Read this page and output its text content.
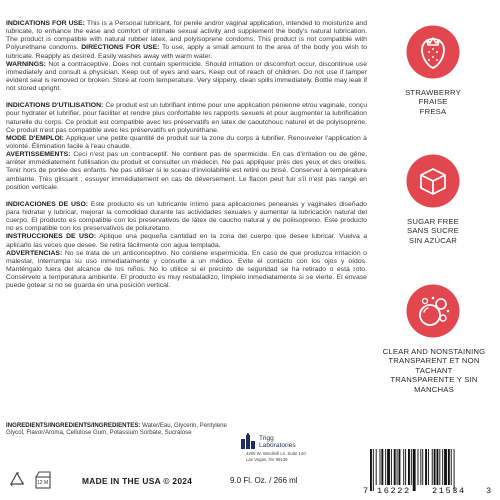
INDICATIONS FOR USE: This is a Personal lubricant, for penile and/or vaginal application, intended to moisturize and lubricate, to enhance the ease and comfort of intimate sexual activity and supplement the body's natural lubrication. The product is compatible with natural rubber latex, and polyisoprene condoms. This product is not compatible with Polyurethane condoms. DIRECTIONS FOR USE: To use, apply a small amount to the area of the body you wish to lubricate. Reapply as desired. Easily washes away with warm water.
WARNINGS: Not a contraceptive. Does not contain spermicide. Should irritation or discomfort occur, discontinue use immediately and consult a physician. Keep out of eyes and ears. Keep out of reach of children. Do not use if tamper evident seal is removed or broken. Store at room temperature. Very slippery, clean spills immediately. Bottle may leak if not stored upright.

INDICATIONS D'UTILISATION: Ce produit est un lubrifiant intime pour une application pénienne et/ou vaginale, conçu pour hydrater et lubrifier, pour faciliter et rendre plus confortable les rapports sexuels et pour augmenter la lubrification naturelle du corps. Ce produit est compatible avec les préservatifs en latex de caoutchouc naturel et de polyisoprène. Ce produit n'est pas compatible avec les préservatifs en polyuréthane.
MODE D'EMPLOI: Appliquer une petite quantité de produit sur la zone du corps à lubrifier. Renouveler l'application à volonté. Élimination facile à l'eau chaude.
AVERTISSEMENTS: Ceci n'est pas un contraceptif. Ne contient pas de spermicide. En cas d'irritation ou de gêne, arrêter immédiatement l'utilisation du produit et consulter un médecin. Ne pas appliquer près des yeux et des oreilles. Tenir hors de portée des enfants. Ne pas utiliser si le sceau d'inviolabilité est retiré ou brisé. Conserver à température ambiante. Très glissant ; essuyer immédiatement en cas de déversement. Le flacon peut fuir s'il n'est pas rangé en position verticale.

INDICACIONES DE USO: Este producto es un lubricante íntimo para aplicaciones peneanas y vaginales diseñado para hidratar y lubricar, mejorar la comodidad durante las actividades sexuales y aumentar la lubricación natural del cuerpo. El producto es compatible con los preservativos de látex de caucho natural y de poliisopreno. Este producto no es compatible con los preservativos de poliuretano.
INSTRUCCIONES DE USO: Aplique una pequeña cantidad en la zona del cuerpo que desee lubricar. Vuelva a aplicarlo las veces que desee. Se retira fácilmente con agua templada.
ADVERTENCIAS: No se trata de un anticonceptivo. No contiene espermicida. En caso de que produzca irritación o malestar, interrumpa su uso inmediatamente y consulte a un médico. Evite el contacto con los ojos y oídos. Manténgalo fuera del alcance de los niños. No lo utilice si el precinto de seguridad se ha retirado o está roto. Consérvelo a temperatura ambiente. El producto es muy resbaladizo, límpielo inmediatamente si se vierte. El envase puede gotear si no se guarda en una posición vertical.

INGREDIENTS/INGREDIENTS/INGREDIENTES: Water/Eau, Glycerin, Pentylene Glycol, Flavor/Aroma, Cellulose Gum, Potassium Sorbate, Sucralose
Trigg
Laboratories
4205 W. Windmill Ln. Suite 140
Las Vegas, NV 89139
12 M	MADE IN THE USA © 2024	9.0 Fl. Oz. / 266 ml
STRAWBERRY
FRAISE
FRESA
SUGAR FREE
SANS SUCRE
SIN AZÚCAR
CLEAR AND NONSTAINING
TRANSPARENT ET NON TACHANT
TRANSPARENTE Y SIN MANCHAS
7 16222 21534 3
